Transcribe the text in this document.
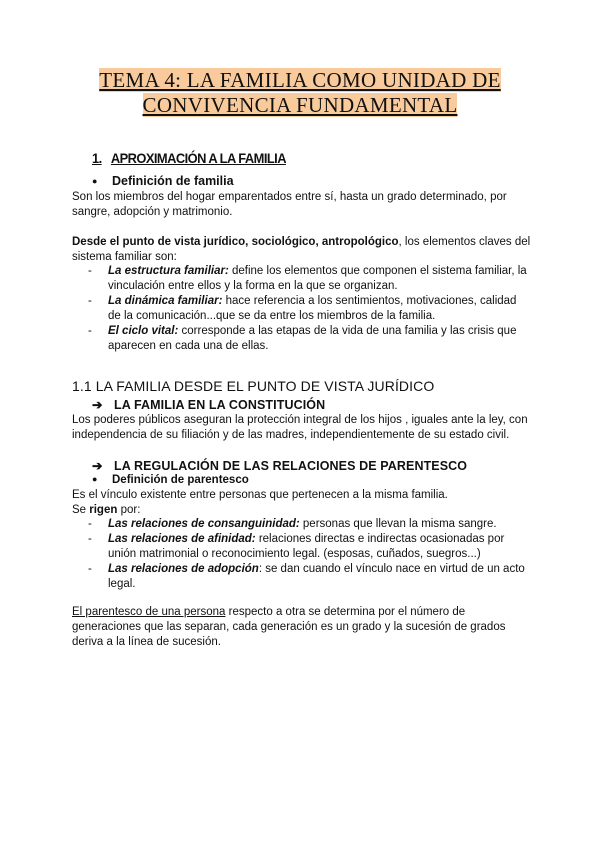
TEMA 4: LA FAMILIA COMO UNIDAD DE
CONVIVENCIA FUNDAMENTAL
1. APROXIMACIÓN A LA FAMILIA

● Definición de familia

Son los miembros del hogar emparentados entre sí, hasta un grado determinado, por sangre, adopción y matrimonio.

Desde el punto de vista jurídico, sociológico, antropológico, los elementos claves del sistema familiar son:

- La estructura familiar: define los elementos que componen el sistema familiar, la vinculación entre ellos y la forma en la que se organizan.
- La dinámica familiar: hace referencia a los sentimientos, motivaciones, calidad de la comunicación...que se da entre los miembros de la familia.
- El ciclo vital: corresponde a las etapas de la vida de una familia y las crisis que aparecen en cada una de ellas.
1.1 LA FAMILIA DESDE EL PUNTO DE VISTA JURÍDICO

➔ LA FAMILIA EN LA CONSTITUCIÓN

Los poderes públicos aseguran la protección integral de los hijos , iguales ante la ley, con independencia de su filiación y de las madres, independientemente de su estado civil.

➔ LA REGULACIÓN DE LAS RELACIONES DE PARENTESCO

● Definición de parentesco

Es el vínculo existente entre personas que pertenecen a la misma familia.

Se rigen por:

- Las relaciones de consanguinidad: personas que llevan la misma sangre.
- Las relaciones de afinidad: relaciones directas e indirectas ocasionadas por unión matrimonial o reconocimiento legal. (esposas, cuñados, suegros...)
- Las relaciones de adopción: se dan cuando el vínculo nace en virtud de un acto legal.

El parentesco de una persona respecto a otra se determina por el número de generaciones que las separan, cada generación es un grado y la sucesión de grados deriva a la línea de sucesión.
